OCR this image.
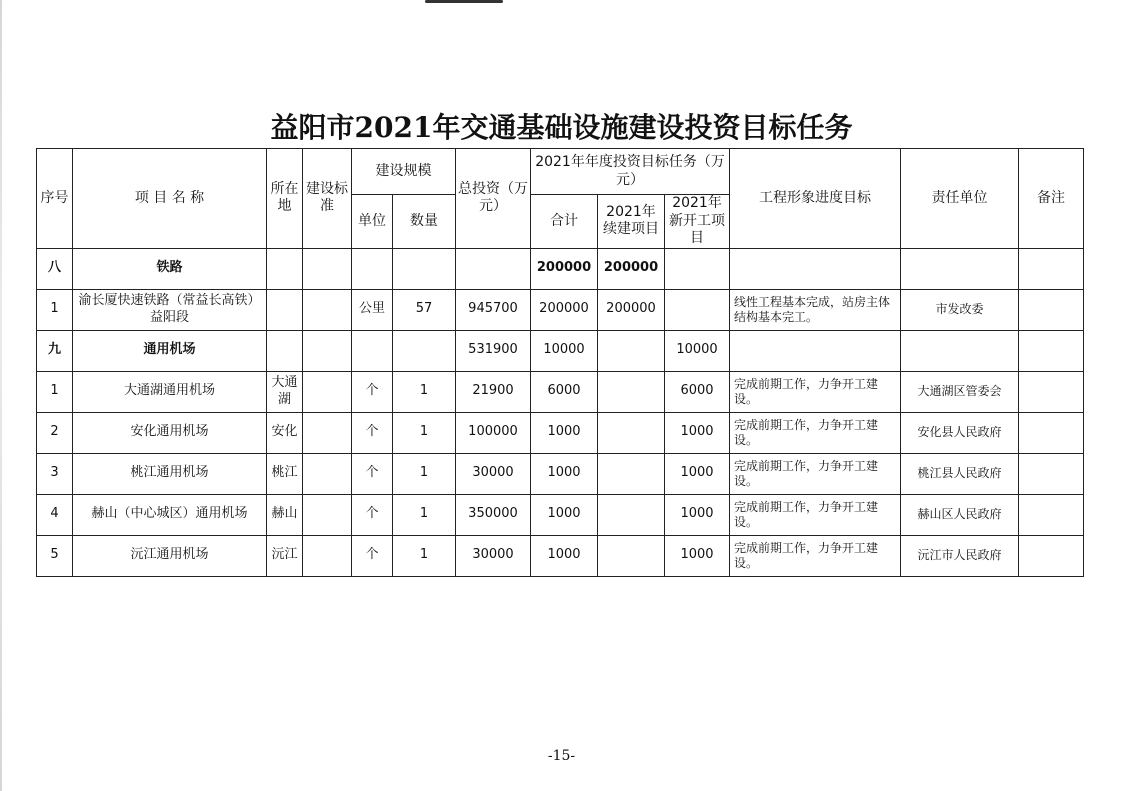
益阳市2021年交通基础设施建设投资目标任务
序号	项 目 名 称	所在地	建设标准	建设规模		总投资（万元）	2021年年度投资目标任务（万元）			工程形象进度目标	责任单位	备注
				单位	数量		合计	2021年续建项目	2021年新开工项目			
八	铁路						200000	200000				
1	渝长厦快速铁路（常益长高铁）益阳段			公里	57	945700	200000	200000		线性工程基本完成，站房主体结构基本完工。	市发改委	
九	通用机场					531900	10000		10000			
1	大通湖通用机场	大通湖		个	1	21900	6000		6000	完成前期工作，力争开工建设。	大通湖区管委会	
2	安化通用机场	安化		个	1	100000	1000		1000	完成前期工作，力争开工建设。	安化县人民政府	
3	桃江通用机场	桃江		个	1	30000	1000		1000	完成前期工作，力争开工建设。	桃江县人民政府	
4	赫山（中心城区）通用机场	赫山		个	1	350000	1000		1000	完成前期工作，力争开工建设。	赫山区人民政府	
5	沅江通用机场	沅江		个	1	30000	1000		1000	完成前期工作，力争开工建设。	沅江市人民政府	
-15-
